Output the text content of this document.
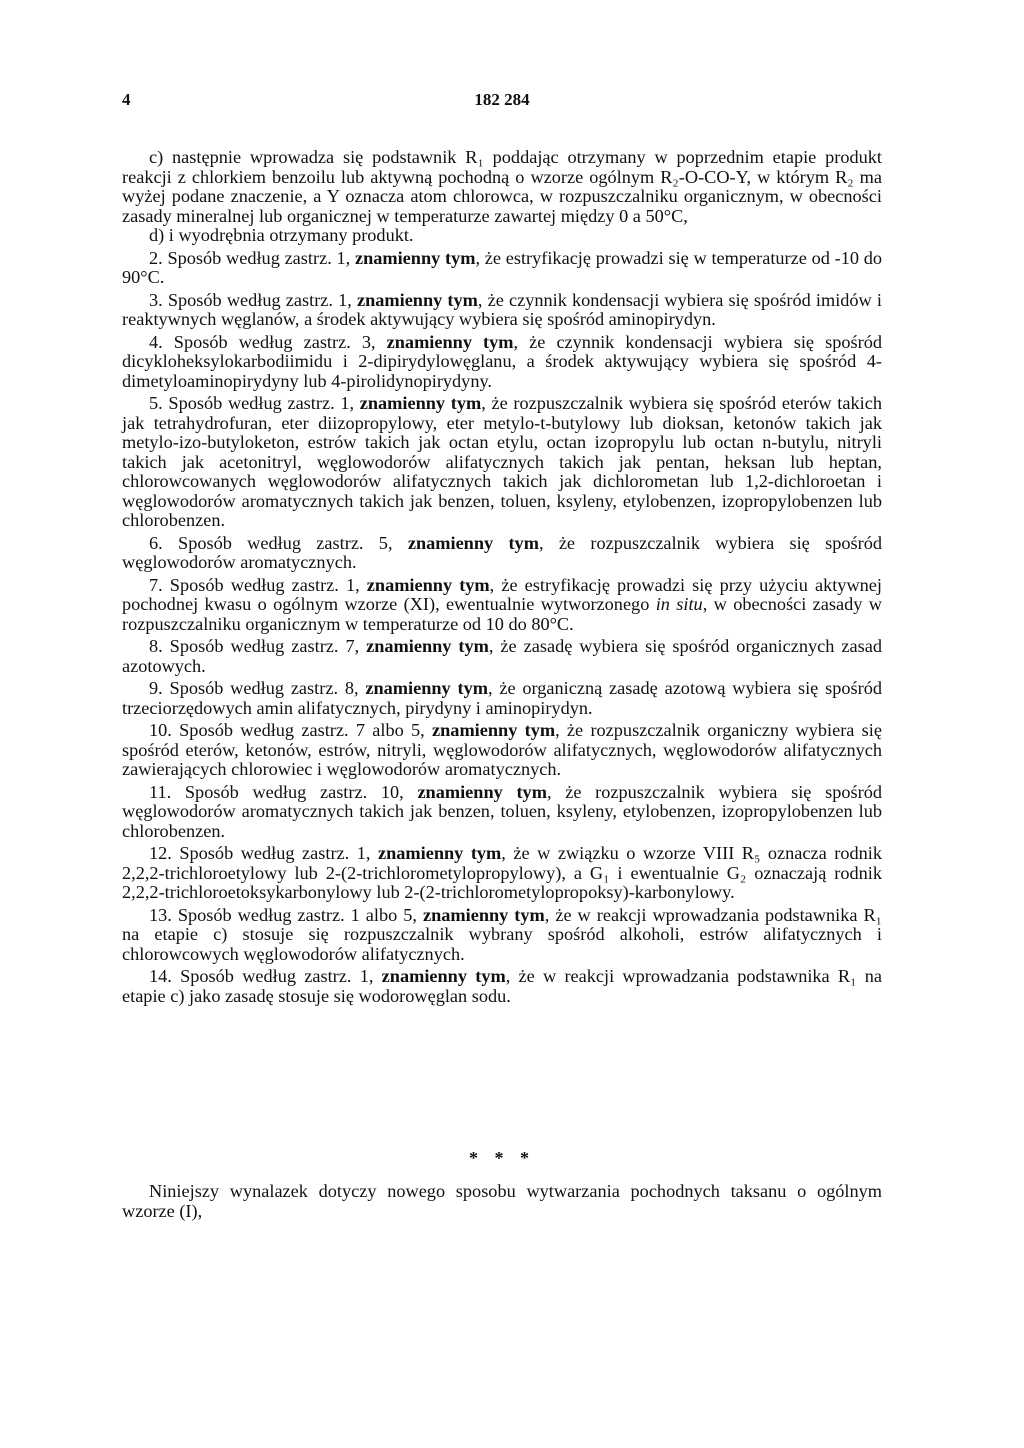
4	182 284

c) następnie wprowadza się podstawnik R₁ poddając otrzymany w poprzednim etapie produkt reakcji z chlorkiem benzoilu lub aktywną pochodną o wzorze ogólnym R₂-O-CO-Y, w którym R₂ ma wyżej podane znaczenie, a Y oznacza atom chlorowca, w rozpuszczalniku organicznym, w obecności zasady mineralnej lub organicznej w temperaturze zawartej między 0 a 50°C,

d) i wyodrębnia otrzymany produkt.

2. Sposób według zastrz. 1, znamienny tym, że estryfikację prowadzi się w temperaturze od -10 do 90°C.

3. Sposób według zastrz. 1, znamienny tym, że czynnik kondensacji wybiera się spośród imidów i reaktywnych węglanów, a środek aktywujący wybiera się spośród aminopirydyn.

4. Sposób według zastrz. 3, znamienny tym, że czynnik kondensacji wybiera się spośród dicykloheksylokarbodiimidu i 2-dipirydylowęglanu, a środek aktywujący wybiera się spośród 4-dimetyloaminopirydyny lub 4-pirolidynopirydyny.

5. Sposób według zastrz. 1, znamienny tym, że rozpuszczalnik wybiera się spośród eterów takich jak tetrahydrofuran, eter diizopropylowy, eter metylo-t-butylowy lub dioksan, ketonów takich jak metylo-izo-butyloketon, estrów takich jak octan etylu, octan izopropylu lub octan n-butylu, nitryli takich jak acetonitryl, węglowodorów alifatycznych takich jak pentan, heksan lub heptan, chlorowcowanych węglowodorów alifatycznych takich jak dichlorometan lub 1,2-dichloroetan i węglowodorów aromatycznych takich jak benzen, toluen, ksyleny, etylobenzen, izopropylobenzen lub chlorobenzen.

6. Sposób według zastrz. 5, znamienny tym, że rozpuszczalnik wybiera się spośród węglowodorów aromatycznych.

7. Sposób według zastrz. 1, znamienny tym, że estryfikację prowadzi się przy użyciu aktywnej pochodnej kwasu o ogólnym wzorze (XI), ewentualnie wytworzonego in situ, w obecności zasady w rozpuszczalniku organicznym w temperaturze od 10 do 80°C.

8. Sposób według zastrz. 7, znamienny tym, że zasadę wybiera się spośród organicznych zasad azotowych.

9. Sposób według zastrz. 8, znamienny tym, że organiczną zasadę azotową wybiera się spośród trzeciorzędowych amin alifatycznych, pirydyny i aminopirydyn.

10. Sposób według zastrz. 7 albo 5, znamienny tym, że rozpuszczalnik organiczny wybiera się spośród eterów, ketonów, estrów, nitryli, węglowodorów alifatycznych, węglowodorów alifatycznych zawierających chlorowiec i węglowodorów aromatycznych.

11. Sposób według zastrz. 10, znamienny tym, że rozpuszczalnik wybiera się spośród węglowodorów aromatycznych takich jak benzen, toluen, ksyleny, etylobenzen, izopropylobenzen lub chlorobenzen.

12. Sposób według zastrz. 1, znamienny tym, że w związku o wzorze VIII R₅ oznacza rodnik 2,2,2-trichloroetylowy lub 2-(2-trichlorometylopropylowy), a G₁ i ewentualnie G₂ oznaczają rodnik 2,2,2-trichloroetoksykarbonylowy lub 2-(2-trichlorometylopropoksy)-karbonylowy.

13. Sposób według zastrz. 1 albo 5, znamienny tym, że w reakcji wprowadzania podstawnika R₁ na etapie c) stosuje się rozpuszczalnik wybrany spośród alkoholi, estrów alifatycznych i chlorowcowych węglowodorów alifatycznych.

14. Sposób według zastrz. 1, znamienny tym, że w reakcji wprowadzania podstawnika R₁ na etapie c) jako zasadę stosuje się wodorowęglan sodu.

* * *

Niniejszy wynalazek dotyczy nowego sposobu wytwarzania pochodnych taksanu o ogólnym wzorze (I),
